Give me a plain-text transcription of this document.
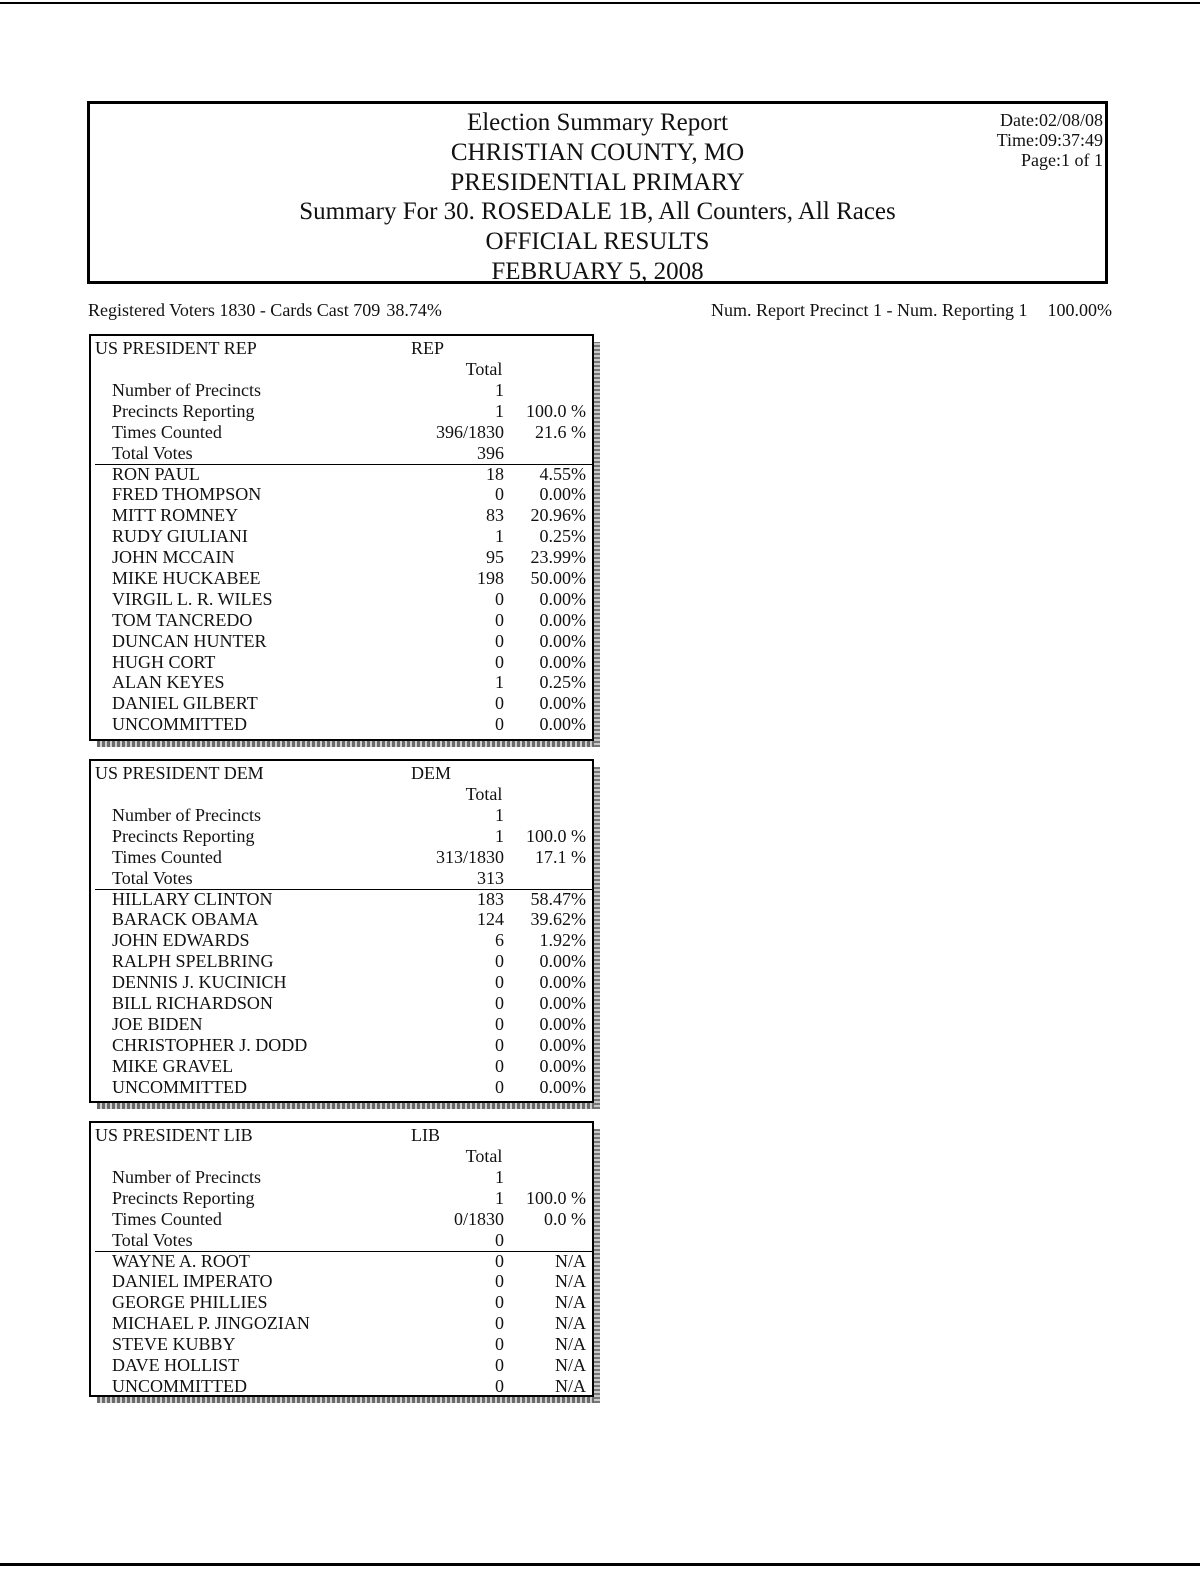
Election Summary Report
CHRISTIAN COUNTY, MO
PRESIDENTIAL PRIMARY
Summary For 30. ROSEDALE 1B, All Counters, All Races
OFFICIAL RESULTS
FEBRUARY 5, 2008
Date:02/08/08
Time:09:37:49
Page:1 of 1
Registered Voters 1830 - Cards Cast 709 38.74%	Num. Report Precinct 1 - Num. Reporting 1 100.00%
US PRESIDENT REP	REP
Total
Number of Precincts	1
Precincts Reporting	1 100.0 %
Times Counted	396/1830 21.6 %
Total Votes	396
RON PAUL	18 4.55%
FRED THOMPSON	0 0.00%
MITT ROMNEY	83 20.96%
RUDY GIULIANI	1 0.25%
JOHN MCCAIN	95 23.99%
MIKE HUCKABEE	198 50.00%
VIRGIL L. R. WILES	0 0.00%
TOM TANCREDO	0 0.00%
DUNCAN HUNTER	0 0.00%
HUGH CORT	0 0.00%
ALAN KEYES	1 0.25%
DANIEL GILBERT	0 0.00%
UNCOMMITTED	0 0.00%
US PRESIDENT DEM	DEM
Total
Number of Precincts	1
Precincts Reporting	1 100.0 %
Times Counted	313/1830 17.1 %
Total Votes	313
HILLARY CLINTON	183 58.47%
BARACK OBAMA	124 39.62%
JOHN EDWARDS	6 1.92%
RALPH SPELBRING	0 0.00%
DENNIS J. KUCINICH	0 0.00%
BILL RICHARDSON	0 0.00%
JOE BIDEN	0 0.00%
CHRISTOPHER J. DODD	0 0.00%
MIKE GRAVEL	0 0.00%
UNCOMMITTED	0 0.00%
US PRESIDENT LIB	LIB
Total
Number of Precincts	1
Precincts Reporting	1 100.0 %
Times Counted	0/1830 0.0 %
Total Votes	0
WAYNE A. ROOT	0	N/A
DANIEL IMPERATO	0	N/A
GEORGE PHILLIES	0	N/A
MICHAEL P. JINGOZIAN	0	N/A
STEVE KUBBY	0	N/A
DAVE HOLLIST	0	N/A
UNCOMMITTED	0	N/A
